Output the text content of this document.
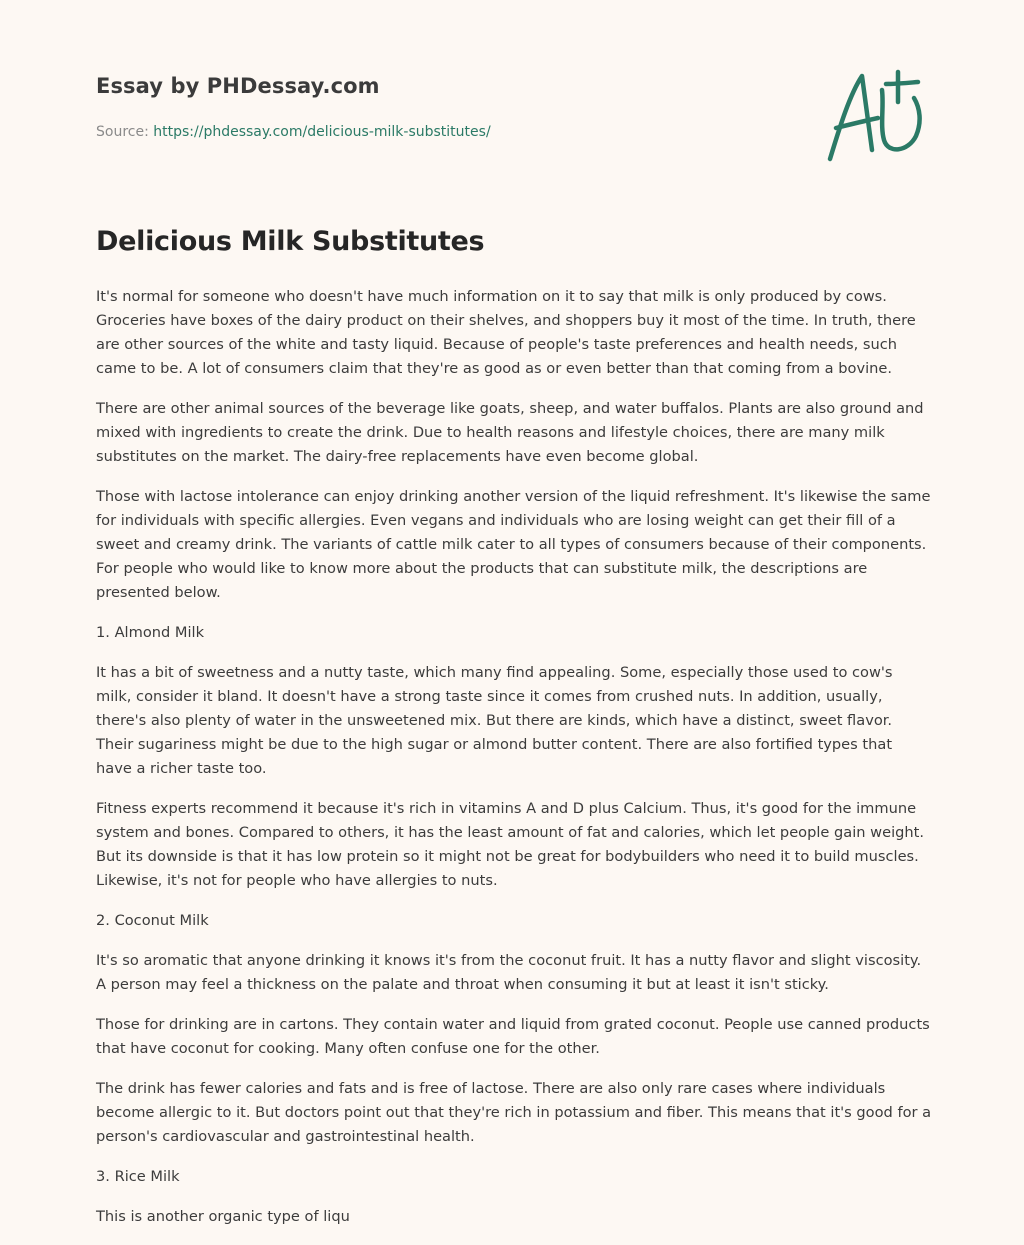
Essay by PHDessay.com
Source: https://phdessay.com/delicious-milk-substitutes/
Delicious Milk Substitutes

It's normal for someone who doesn't have much information on it to say that milk is only produced by cows. Groceries have boxes of the dairy product on their shelves, and shoppers buy it most of the time. In truth, there are other sources of the white and tasty liquid. Because of people's taste preferences and health needs, such came to be. A lot of consumers claim that they're as good as or even better than that coming from a bovine.

There are other animal sources of the beverage like goats, sheep, and water buffalos. Plants are also ground and mixed with ingredients to create the drink. Due to health reasons and lifestyle choices, there are many milk substitutes on the market. The dairy-free replacements have even become global.

Those with lactose intolerance can enjoy drinking another version of the liquid refreshment. It's likewise the same for individuals with specific allergies. Even vegans and individuals who are losing weight can get their fill of a sweet and creamy drink. The variants of cattle milk cater to all types of consumers because of their components. For people who would like to know more about the products that can substitute milk, the descriptions are presented below.

1. Almond Milk

It has a bit of sweetness and a nutty taste, which many find appealing. Some, especially those used to cow's milk, consider it bland. It doesn't have a strong taste since it comes from crushed nuts. In addition, usually, there's also plenty of water in the unsweetened mix. But there are kinds, which have a distinct, sweet flavor. Their sugariness might be due to the high sugar or almond butter content. There are also fortified types that have a richer taste too.

Fitness experts recommend it because it's rich in vitamins A and D plus Calcium. Thus, it's good for the immune system and bones. Compared to others, it has the least amount of fat and calories, which let people gain weight. But its downside is that it has low protein so it might not be great for bodybuilders who need it to build muscles. Likewise, it's not for people who have allergies to nuts.

2. Coconut Milk

It's so aromatic that anyone drinking it knows it's from the coconut fruit. It has a nutty flavor and slight viscosity. A person may feel a thickness on the palate and throat when consuming it but at least it isn't sticky.

Those for drinking are in cartons. They contain water and liquid from grated coconut. People use canned products that have coconut for cooking. Many often confuse one for the other.

The drink has fewer calories and fats and is free of lactose. There are also only rare cases where individuals become allergic to it. But doctors point out that they're rich in potassium and fiber. This means that it's good for a person's cardiovascular and gastrointestinal health.

3. Rice Milk

This is another organic type of liqu
